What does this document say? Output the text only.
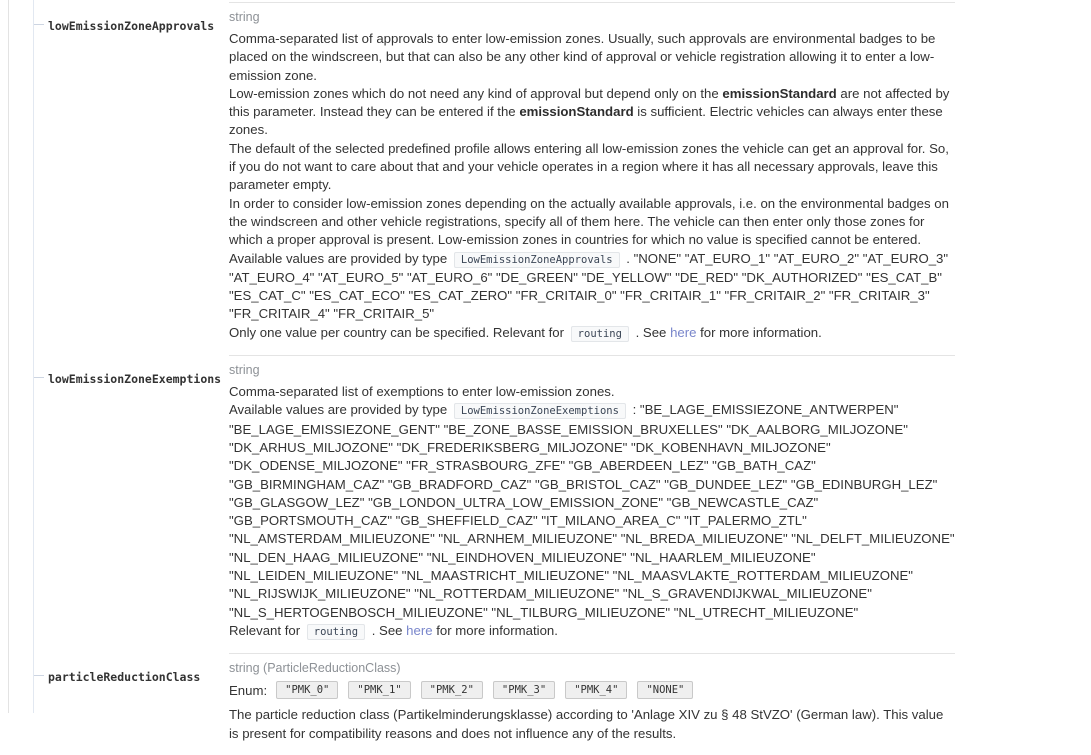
lowEmissionZoneApprovals
string
Comma-separated list of approvals to enter low-emission zones. Usually, such approvals are environmental badges to be placed on the windscreen, but that can also be any other kind of approval or vehicle registration allowing it to enter a low-emission zone.
Low-emission zones which do not need any kind of approval but depend only on the emissionStandard are not affected by this parameter. Instead they can be entered if the emissionStandard is sufficient. Electric vehicles can always enter these zones.
The default of the selected predefined profile allows entering all low-emission zones the vehicle can get an approval for. So, if you do not want to care about that and your vehicle operates in a region where it has all necessary approvals, leave this parameter empty.
In order to consider low-emission zones depending on the actually available approvals, i.e. on the environmental badges on the windscreen and other vehicle registrations, specify all of them here. The vehicle can then enter only those zones for which a proper approval is present. Low-emission zones in countries for which no value is specified cannot be entered.
Available values are provided by type LowEmissionZoneApprovals . "NONE" "AT_EURO_1" "AT_EURO_2" "AT_EURO_3" "AT_EURO_4" "AT_EURO_5" "AT_EURO_6" "DE_GREEN" "DE_YELLOW" "DE_RED" "DK_AUTHORIZED" "ES_CAT_B" "ES_CAT_C" "ES_CAT_ECO" "ES_CAT_ZERO" "FR_CRITAIR_0" "FR_CRITAIR_1" "FR_CRITAIR_2" "FR_CRITAIR_3" "FR_CRITAIR_4" "FR_CRITAIR_5"
Only one value per country can be specified. Relevant for routing . See here for more information.
lowEmissionZoneExemptions
string
Comma-separated list of exemptions to enter low-emission zones.
Available values are provided by type LowEmissionZoneExemptions : "BE_LAGE_EMISSIEZONE_ANTWERPEN" "BE_LAGE_EMISSIEZONE_GENT" "BE_ZONE_BASSE_EMISSION_BRUXELLES" "DK_AALBORG_MILJOZONE" "DK_ARHUS_MILJOZONE" "DK_FREDERIKSBERG_MILJOZONE" "DK_KOBENHAVN_MILJOZONE" "DK_ODENSE_MILJOZONE" "FR_STRASBOURG_ZFE" "GB_ABERDEEN_LEZ" "GB_BATH_CAZ" "GB_BIRMINGHAM_CAZ" "GB_BRADFORD_CAZ" "GB_BRISTOL_CAZ" "GB_DUNDEE_LEZ" "GB_EDINBURGH_LEZ" "GB_GLASGOW_LEZ" "GB_LONDON_ULTRA_LOW_EMISSION_ZONE" "GB_NEWCASTLE_CAZ" "GB_PORTSMOUTH_CAZ" "GB_SHEFFIELD_CAZ" "IT_MILANO_AREA_C" "IT_PALERMO_ZTL" "NL_AMSTERDAM_MILIEUZONE" "NL_ARNHEM_MILIEUZONE" "NL_BREDA_MILIEUZONE" "NL_DELFT_MILIEUZONE" "NL_DEN_HAAG_MILIEUZONE" "NL_EINDHOVEN_MILIEUZONE" "NL_HAARLEM_MILIEUZONE" "NL_LEIDEN_MILIEUZONE" "NL_MAASTRICHT_MILIEUZONE" "NL_MAASVLAKTE_ROTTERDAM_MILIEUZONE" "NL_RIJSWIJK_MILIEUZONE" "NL_ROTTERDAM_MILIEUZONE" "NL_S_GRAVENDIJKWAL_MILIEUZONE" "NL_S_HERTOGENBOSCH_MILIEUZONE" "NL_TILBURG_MILIEUZONE" "NL_UTRECHT_MILIEUZONE"
Relevant for routing . See here for more information.
particleReductionClass
string (ParticleReductionClass)
Enum:	"PMK_0"	"PMK_1"	"PMK_2"	"PMK_3"	"PMK_4"	"NONE"
The particle reduction class (Partikelminderungsklasse) according to 'Anlage XIV zu § 48 StVZO' (German law). This value is present for compatibility reasons and does not influence any of the results.
